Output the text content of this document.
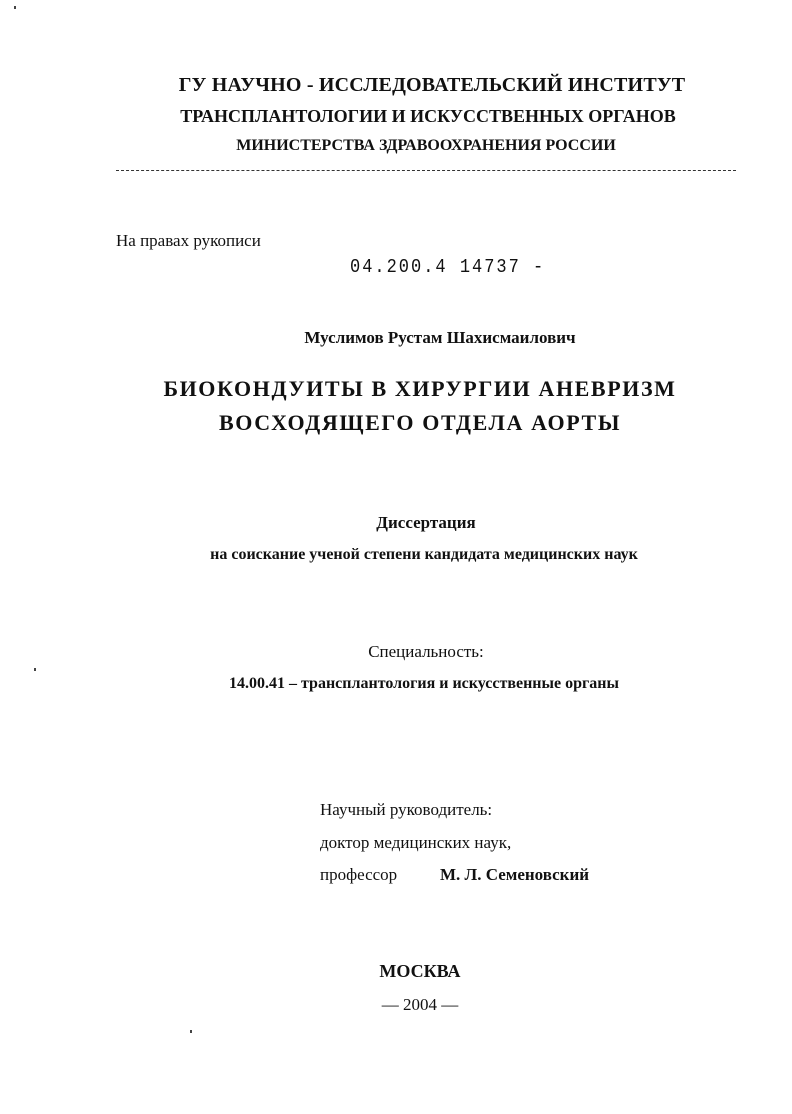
ГУ НАУЧНО - ИССЛЕДОВАТЕЛЬСКИЙ ИНСТИТУТ
ТРАНСПЛАНТОЛОГИИ И ИСКУССТВЕННЫХ ОРГАНОВ
МИНИСТЕРСТВА ЗДРАВООХРАНЕНИЯ РОССИИ
На правах рукописи
04.200.4 14737 -
Муслимов Рустам Шахисмаилович
БИОКОНДУИТЫ В ХИРУРГИИ АНЕВРИЗМ
ВОСХОДЯЩЕГО ОТДЕЛА АОРТЫ
Диссертация
на соискание ученой степени кандидата медицинских наук
Специальность:
14.00.41 – трансплантология и искусственные органы
Научный руководитель:
доктор медицинских наук,
профессор	М. Л. Семеновский
МОСКВА
— 2004 —
